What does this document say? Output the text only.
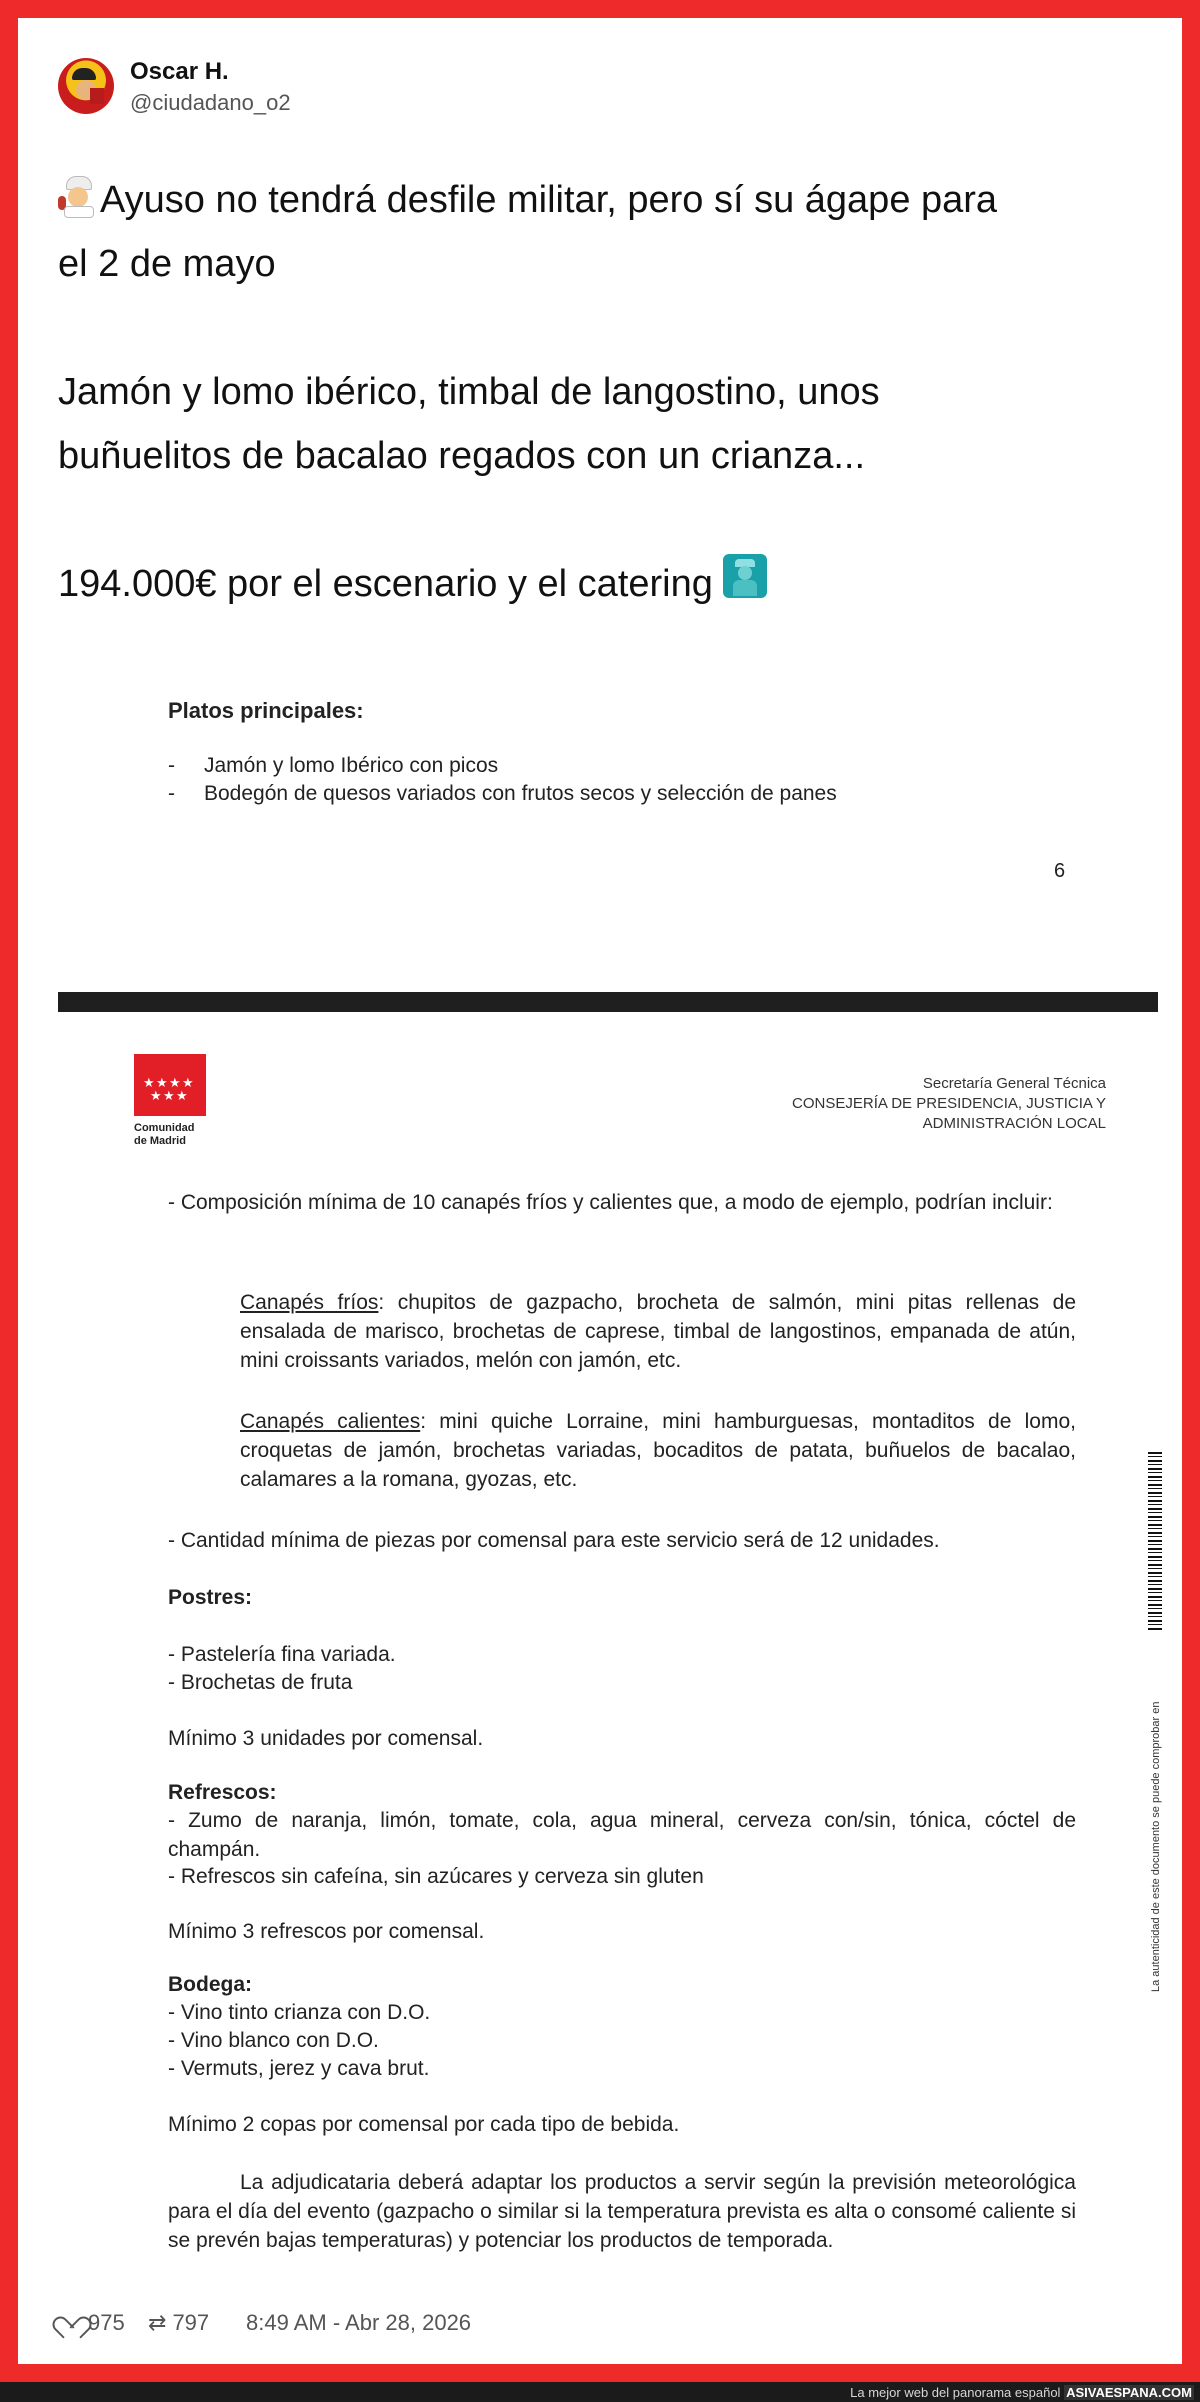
Oscar H.
@ciudadano_o2

Ayuso no tendrá desfile militar, pero sí su ágape para

el 2 de mayo

Jamón y lomo ibérico, timbal de langostino, unos

buñuelitos de bacalao regados con un crianza...

194.000€ por el escenario y el catering

Platos principales:
- Jamón y lomo Ibérico con picos
- Bodegón de quesos variados con frutos secos y selección de panes
6
★ ★ ★ ★
★ ★ ★
Comunidad
de Madrid
Secretaría General Técnica
CONSEJERÍA DE PRESIDENCIA, JUSTICIA Y
ADMINISTRACIÓN LOCAL
- Composición mínima de 10 canapés fríos y calientes que, a modo de ejemplo, podrían incluir:
Canapés fríos: chupitos de gazpacho, brocheta de salmón, mini pitas rellenas de ensalada de marisco, brochetas de caprese, timbal de langostinos, empanada de atún, mini croissants variados, melón con jamón, etc.
Canapés calientes: mini quiche Lorraine, mini hamburguesas, montaditos de lomo, croquetas de jamón, brochetas variadas, bocaditos de patata, buñuelos de bacalao, calamares a la romana, gyozas, etc.
- Cantidad mínima de piezas por comensal para este servicio será de 12 unidades.
Postres:
- Pastelería fina variada.
- Brochetas de fruta
Mínimo 3 unidades por comensal.
Refrescos:
- Zumo de naranja, limón, tomate, cola, agua mineral, cerveza con/sin, tónica, cóctel de champán.
- Refrescos sin cafeína, sin azúcares y cerveza sin gluten
Mínimo 3 refrescos por comensal.
Bodega:
- Vino tinto crianza con D.O.
- Vino blanco con D.O.
- Vermuts, jerez y cava brut.
Mínimo 2 copas por comensal por cada tipo de bebida.
La adjudicataria deberá adaptar los productos a servir según la previsión meteorológica para el día del evento (gazpacho o similar si la temperatura prevista es alta o consomé caliente si se prevén bajas temperaturas) y potenciar los productos de temporada.
La autenticidad de este documento se puede comprobar en
975 ⇄ 797 8:49 AM - Abr 28, 2026
La mejor web del panorama español ASIVAESPANA.COM
